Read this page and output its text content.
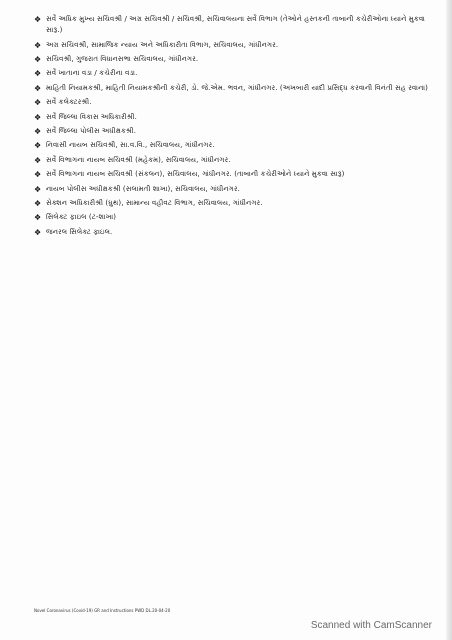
❖ સર્વે અધિક મુખ્ય સચિવશ્રી / અગ્ર સચિવશ્રી / સચિવશ્રી, સચિવાલયના સર્વે વિભાગ (તેઓને હસ્તકની તાબાની કચેરીઓના ધ્યાને મુકવા સારૂ.)
❖ અગ્ર સચિવશ્રી, સામાજિક ન્યાય અને અધિકારીતા વિભાગ, સચિવાલય, ગાંધીનગર.
❖ સચિવશ્રી, ગુજરાત વિધાનસભા સચિવાલય, ગાંધીનગર.
❖ સર્વે ખાતાના વડા / કચેરીના વડા.
❖ માહિતી નિયામકશ્રી, માહિતી નિયામકશ્રીની કચેરી, ડો. જે.એમ. ભવન, ગાંધીનગર. (અખબારી યાદી પ્રસિદ્ધ કરવાની વિનંતી સહ રવાના)
❖ સર્વે કલેક્ટરશ્રી.
❖ સર્વે જિલ્લા વિકાસ અધિકારીશ્રી.
❖ સર્વે જિલ્લા પોલીસ અધીક્ષકશ્રી.
❖ નિવાસી નાયબ સચિવશ્રી, સા.વ.વિ., સચિવાલય, ગાંધીનગર.
❖ સર્વે વિભાગના નાયબ સચિવશ્રી (મહેકમ), સચિવાલય, ગાંધીનગર.
❖ સર્વે વિભાગના નાયબ સચિવશ્રી (સંકલન), સચિવાલય, ગાંધીનગર. (તાબાની કચેરીઓને ધ્યાને મુકવા સારૂ)
❖ નાયબ પોલીસ અધીક્ષકશ્રી (સલામતી શાખા), સચિવાલય, ગાંધીનગર.
❖ સેક્શન અધિકારીશ્રી (ઘુથ), સામાન્ય વહીવટ વિભાગ, સચિવાલય, ગાંધીનગર.
❖ સિલેક્ટ ફાઇલ (ટ-શાખા)
❖ જનરલ સિલેક્ટ ફાઇલ.
Novel Coronavirus (Covid-19) GR and Instructions PWD DL.20-04-20
Scanned with CamScanner
